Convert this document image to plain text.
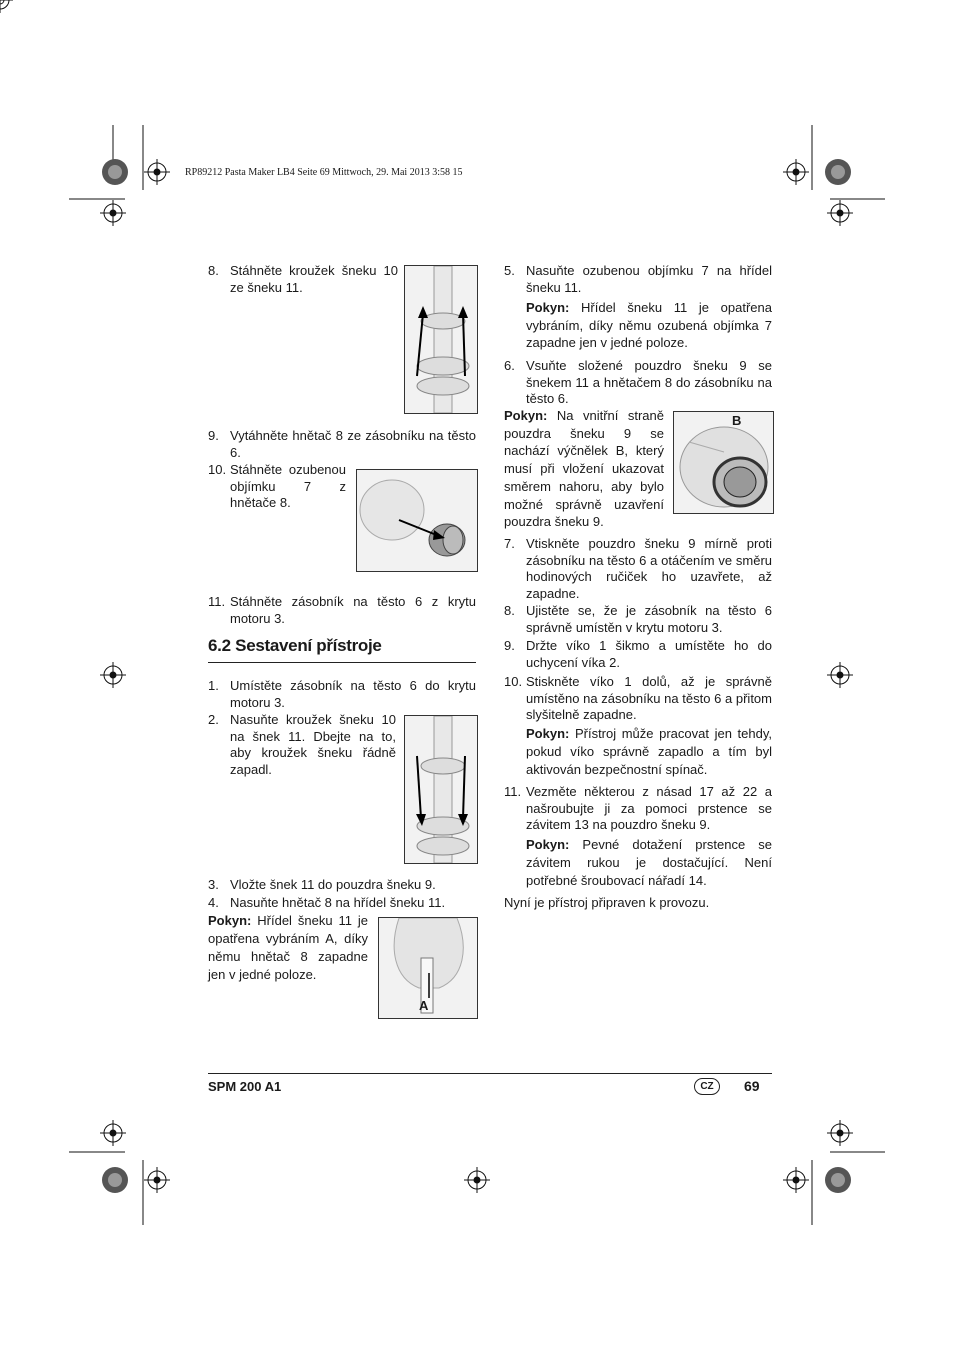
RP89212 Pasta Maker LB4 Seite 69 Mittwoch, 29. Mai 2013 3:58 15
8. Stáhněte kroužek šneku 10 ze šneku 11.
9. Vytáhněte hnětač 8 ze zásobníku na těsto 6.
10. Stáhněte ozubenou objímku 7 z hnětače 8.
11. Stáhněte zásobník na těsto 6 z krytu motoru 3.
6.2 Sestavení přístroje
1. Umístěte zásobník na těsto 6 do krytu motoru 3.
2. Nasuňte kroužek šneku 10 na šnek 11. Dbejte na to, aby kroužek šneku řádně zapadl.
3. Vložte šnek 11 do pouzdra šneku 9.
4. Nasuňte hnětač 8 na hřídel šneku 11.
Pokyn: Hřídel šneku 11 je opatřena vybráním A, díky němu hnětač 8 zapadne jen v jedné poloze.
A
5. Nasuňte ozubenou objímku 7 na hřídel šneku 11.
Pokyn: Hřídel šneku 11 je opatřena vybráním, díky němu ozubená objímka 7 zapadne jen v jedné poloze.
6. Vsuňte složené pouzdro šneku 9 se šnekem 11 a hnětačem 8 do zásobníku na těsto 6.
Pokyn: Na vnitřní straně pouzdra šneku 9 se nachází výčnělek B, který musí při vložení ukazovat směrem nahoru, aby bylo možné správně uzavření pouzdra šneku 9.
B
7. Vtiskněte pouzdro šneku 9 mírně proti zásobníku na těsto 6 a otáčením ve směru hodinových ručiček ho uzavřete, až zapadne.
8. Ujistěte se, že je zásobník na těsto 6 správně umístěn v krytu motoru 3.
9. Držte víko 1 šikmo a umístěte ho do uchycení víka 2.
10. Stiskněte víko 1 dolů, až je správně umístěno na zásobníku na těsto 6 a přitom slyšitelně zapadne.
Pokyn: Přístroj může pracovat jen tehdy, pokud víko správně zapadlo a tím byl aktivován bezpečnostní spínač.
11. Vezměte některou z násad 17 až 22 a našroubujte ji za pomoci prstence se závitem 13 na pouzdro šneku 9.
Pokyn: Pevné dotažení prstence se závitem rukou je dostačující. Není potřebné šroubovací nářadí 14.
Nyní je přístroj připraven k provozu.
SPM 200 A1	CZ	69
